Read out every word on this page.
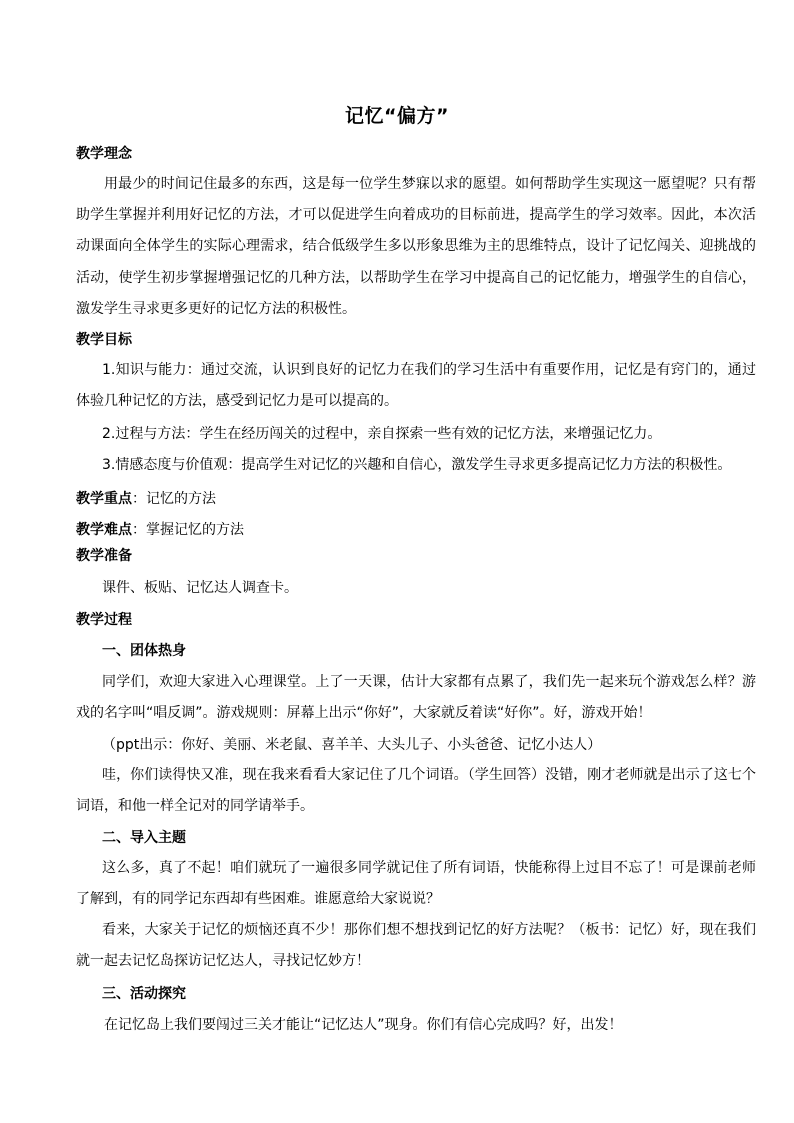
记忆“偏方”
教学理念
用最少的时间记住最多的东西，这是每一位学生梦寐以求的愿望。如何帮助学生实现这一愿望呢？只有帮助学生掌握并利用好记忆的方法，才可以促进学生向着成功的目标前进，提高学生的学习效率。因此，本次活动课面向全体学生的实际心理需求，结合低级学生多以形象思维为主的思维特点，设计了记忆闯关、迎挑战的活动，使学生初步掌握增强记忆的几种方法，以帮助学生在学习中提高自己的记忆能力，增强学生的自信心，激发学生寻求更多更好的记忆方法的积极性。
教学目标
1.知识与能力：通过交流，认识到良好的记忆力在我们的学习生活中有重要作用，记忆是有窍门的，通过体验几种记忆的方法，感受到记忆力是可以提高的。
2.过程与方法：学生在经历闯关的过程中，亲自探索一些有效的记忆方法，来增强记忆力。
3.情感态度与价值观：提高学生对记忆的兴趣和自信心，激发学生寻求更多提高记忆力方法的积极性。
教学重点：记忆的方法
教学难点：掌握记忆的方法
教学准备
课件、板贴、记忆达人调查卡。
教学过程
一、团体热身
同学们，欢迎大家进入心理课堂。上了一天课，估计大家都有点累了，我们先一起来玩个游戏怎么样？游戏的名字叫“唱反调”。游戏规则：屏幕上出示“你好”，大家就反着读“好你”。好，游戏开始！
（ppt出示：你好、美丽、米老鼠、喜羊羊、大头儿子、小头爸爸、记忆小达人）
哇，你们读得快又准，现在我来看看大家记住了几个词语。（学生回答）没错，刚才老师就是出示了这七个词语，和他一样全记对的同学请举手。
二、导入主题
这么多，真了不起！咱们就玩了一遍很多同学就记住了所有词语，快能称得上过目不忘了！可是课前老师了解到，有的同学记东西却有些困难。谁愿意给大家说说？
看来，大家关于记忆的烦恼还真不少！那你们想不想找到记忆的好方法呢？（板书：记忆）好，现在我们就一起去记忆岛探访记忆达人，寻找记忆妙方！
三、活动探究
在记忆岛上我们要闯过三关才能让“记忆达人”现身。你们有信心完成吗？好，出发！
